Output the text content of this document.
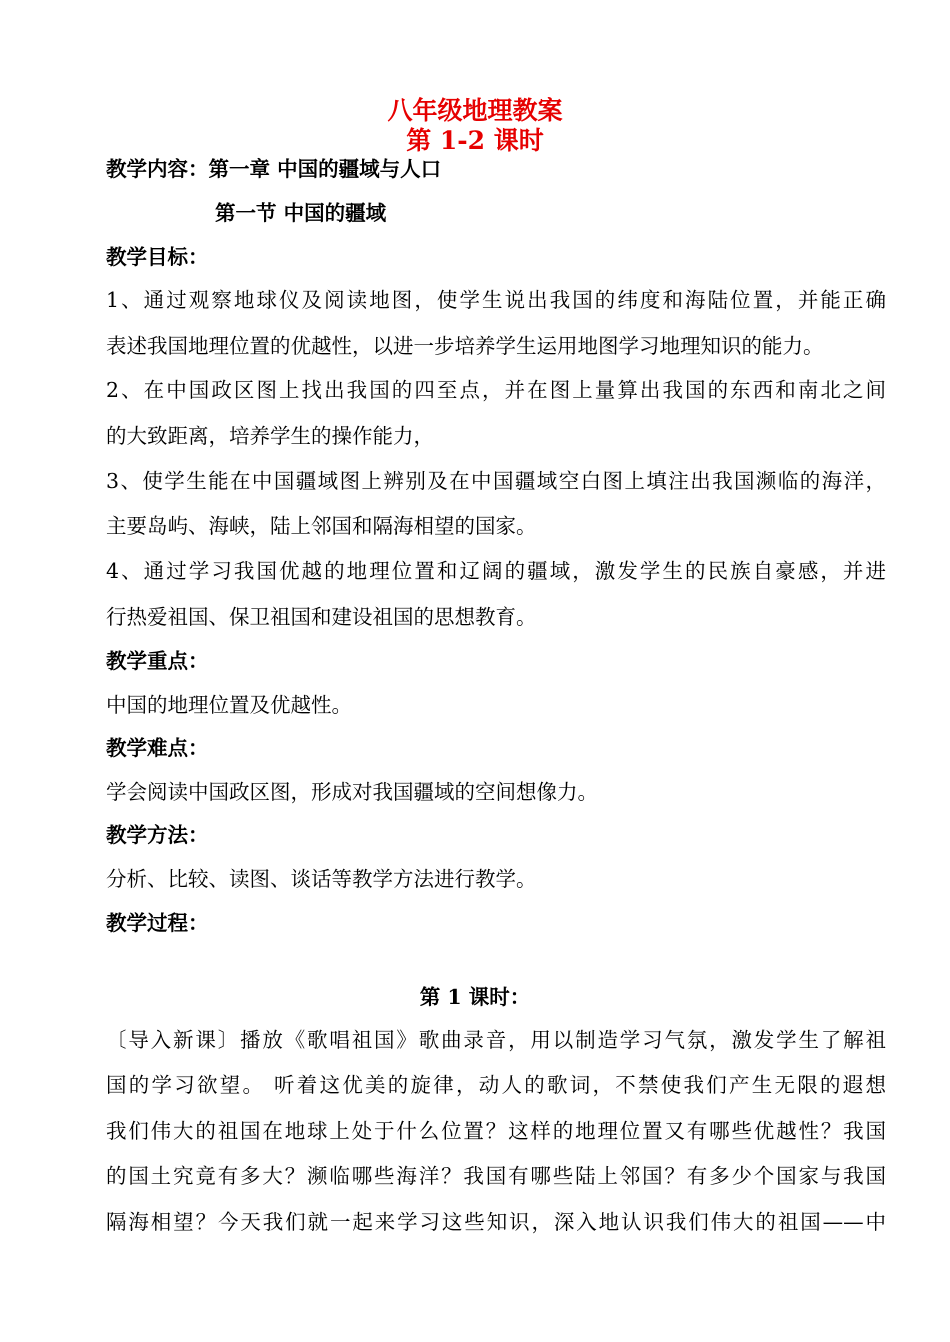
八年级地理教案
第 1-2 课时
教学内容：第一章 中国的疆域与人口
第一节 中国的疆域
教学目标：
1、通过观察地球仪及阅读地图，使学生说出我国的纬度和海陆位置，并能正确
表述我国地理位置的优越性，以进一步培养学生运用地图学习地理知识的能力。
2、在中国政区图上找出我国的四至点，并在图上量算出我国的东西和南北之间
的大致距离，培养学生的操作能力，
3、使学生能在中国疆域图上辨别及在中国疆域空白图上填注出我国濒临的海洋，
主要岛屿、海峡，陆上邻国和隔海相望的国家。
4、通过学习我国优越的地理位置和辽阔的疆域，激发学生的民族自豪感，并进
行热爱祖国、保卫祖国和建设祖国的思想教育。
教学重点：
中国的地理位置及优越性。
教学难点：
学会阅读中国政区图，形成对我国疆域的空间想像力。
教学方法：
分析、比较、读图、谈话等教学方法进行教学。
教学过程：
第 1 课时：
〔导入新课〕播放《歌唱祖国》歌曲录音，用以制造学习气氛，激发学生了解祖
国的学习欲望。 听着这优美的旋律，动人的歌词，不禁使我们产生无限的遐想
我们伟大的祖国在地球上处于什么位置？这样的地理位置又有哪些优越性？我国
的国土究竟有多大？濒临哪些海洋？我国有哪些陆上邻国？有多少个国家与我国
隔海相望？今天我们就一起来学习这些知识，深入地认识我们伟大的祖国——中
